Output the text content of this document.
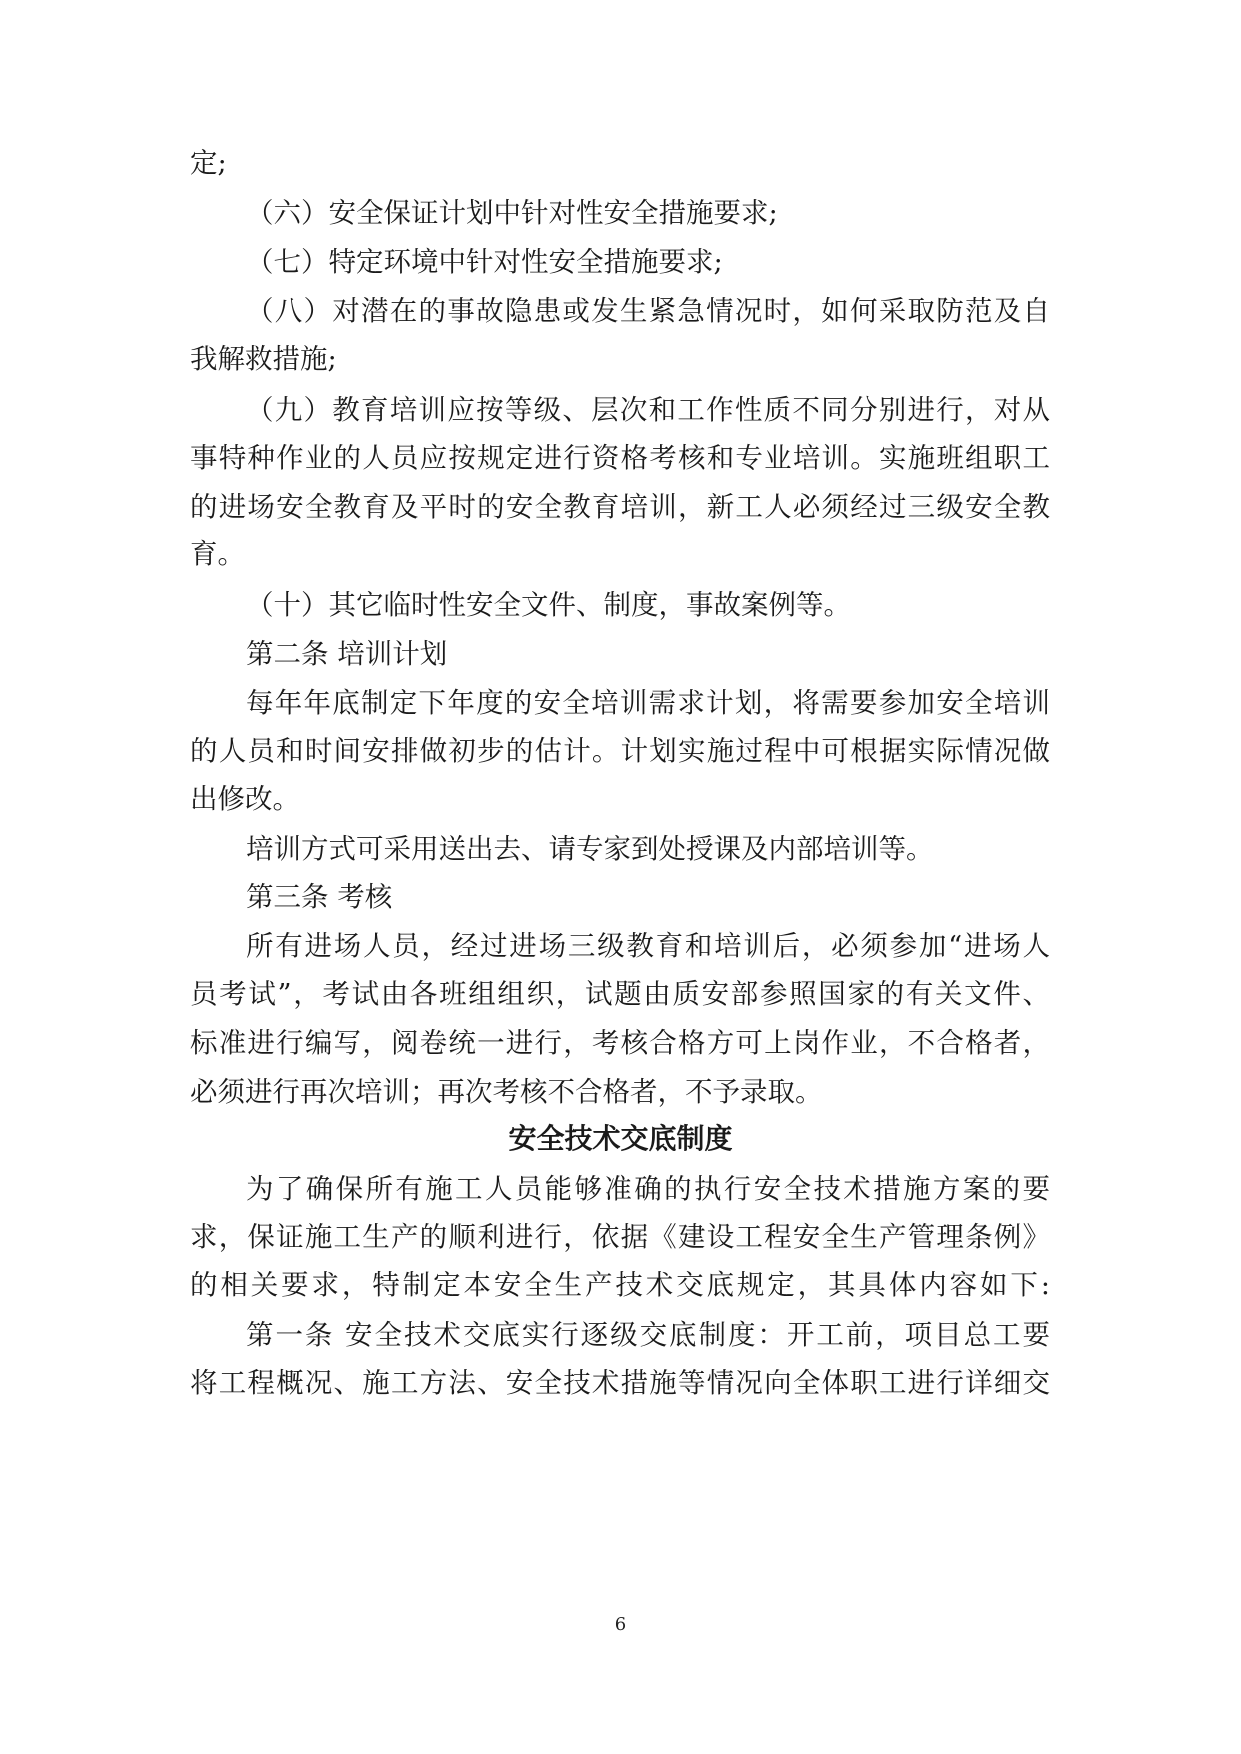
定;
（六）安全保证计划中针对性安全措施要求;
（七）特定环境中针对性安全措施要求;
（八）对潜在的事故隐患或发生紧急情况时，如何采取防范及自
我解救措施;
（九）教育培训应按等级、层次和工作性质不同分别进行，对从
事特种作业的人员应按规定进行资格考核和专业培训。实施班组职工
的进场安全教育及平时的安全教育培训，新工人必须经过三级安全教
育。
（十）其它临时性安全文件、制度，事故案例等。
第二条 培训计划
每年年底制定下年度的安全培训需求计划，将需要参加安全培训
的人员和时间安排做初步的估计。计划实施过程中可根据实际情况做
出修改。
培训方式可采用送出去、请专家到处授课及内部培训等。
第三条 考核
所有进场人员，经过进场三级教育和培训后，必须参加“进场人
员考试”，考试由各班组组织，试题由质安部参照国家的有关文件、
标准进行编写，阅卷统一进行，考核合格方可上岗作业，不合格者，
必须进行再次培训；再次考核不合格者，不予录取。
安全技术交底制度
为了确保所有施工人员能够准确的执行安全技术措施方案的要
求，保证施工生产的顺利进行，依据《建设工程安全生产管理条例》
的相关要求，特制定本安全生产技术交底规定，其具体内容如下:
第一条 安全技术交底实行逐级交底制度：开工前，项目总工要
将工程概况、施工方法、安全技术措施等情况向全体职工进行详细交
6
